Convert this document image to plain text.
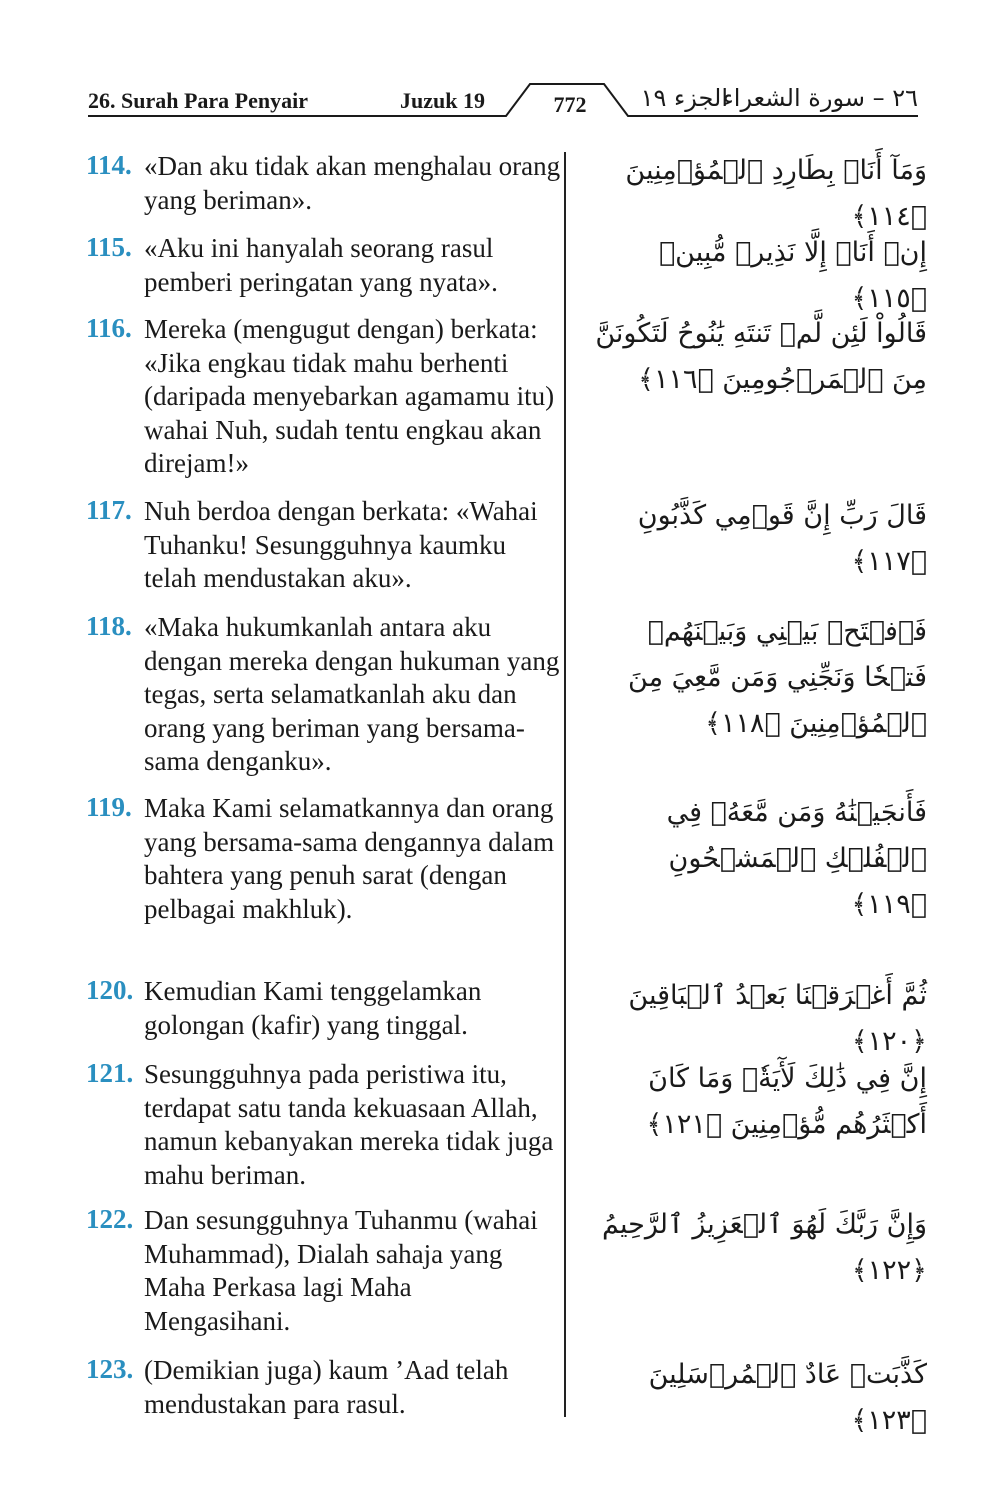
26. Surah Para Penyair	Juzuk 19	772	الجزء ١٩
٢٦ – سورة الشعراء
114. «Dan aku tidak akan menghalau orang yang beriman».
وَمَآ أَنَا۠ بِطَارِدِ ٱلۡمُؤۡمِنِينَ ﴿١١٤﴾
115. «Aku ini hanyalah seorang rasul pemberi peringatan yang nyata».
إِنۡ أَنَا۠ إِلَّا نَذِيرٞ مُّبِينٞ ﴿١١٥﴾
116. Mereka (mengugut dengan) berkata: «Jika engkau tidak mahu berhenti (daripada menyebarkan agamamu itu) wahai Nuh, sudah tentu engkau akan direjam!»
قَالُواْ لَئِن لَّمۡ تَنتَهِ يَٰنُوحُ لَتَكُونَنَّ مِنَ ٱلۡمَرۡجُومِينَ ﴿١١٦﴾
117. Nuh berdoa dengan berkata: «Wahai Tuhanku! Sesungguhnya kaumku telah mendustakan aku».
قَالَ رَبِّ إِنَّ قَوۡمِي كَذَّبُونِ ﴿١١٧﴾
118. «Maka hukumkanlah antara aku dengan mereka dengan hukuman yang tegas, serta selamatkanlah aku dan orang yang beriman yang bersama-sama denganku».
فَٱفۡتَحۡ بَيۡنِي وَبَيۡنَهُمۡ فَتۡحٗا وَنَجِّنِي وَمَن مَّعِيَ مِنَ ٱلۡمُؤۡمِنِينَ ﴿١١٨﴾
119. Maka Kami selamatkannya dan orang yang bersama-sama dengannya dalam bahtera yang penuh sarat (dengan pelbagai makhluk).
فَأَنجَيۡنَٰهُ وَمَن مَّعَهُۥ فِي ٱلۡفُلۡكِ ٱلۡمَشۡحُونِ ﴿١١٩﴾
120. Kemudian Kami tenggelamkan golongan (kafir) yang tinggal.
ثُمَّ أَغۡرَقۡنَا بَعۡدُ ٱلۡبَاقِينَ ﴿١٢٠﴾
121. Sesungguhnya pada peristiwa itu, terdapat satu tanda kekuasaan Allah, namun kebanyakan mereka tidak juga mahu beriman.
إِنَّ فِي ذَٰلِكَ لَأٓيَةٗۖ وَمَا كَانَ أَكۡثَرُهُم مُّؤۡمِنِينَ ﴿١٢١﴾
122. Dan sesungguhnya Tuhanmu (wahai Muhammad), Dialah sahaja yang Maha Perkasa lagi Maha Mengasihani.
وَإِنَّ رَبَّكَ لَهُوَ ٱلۡعَزِيزُ ٱلرَّحِيمُ ﴿١٢٢﴾
123. (Demikian juga) kaum ’Aad telah mendustakan para rasul.
كَذَّبَتۡ عَادٌ ٱلۡمُرۡسَلِينَ ﴿١٢٣﴾
